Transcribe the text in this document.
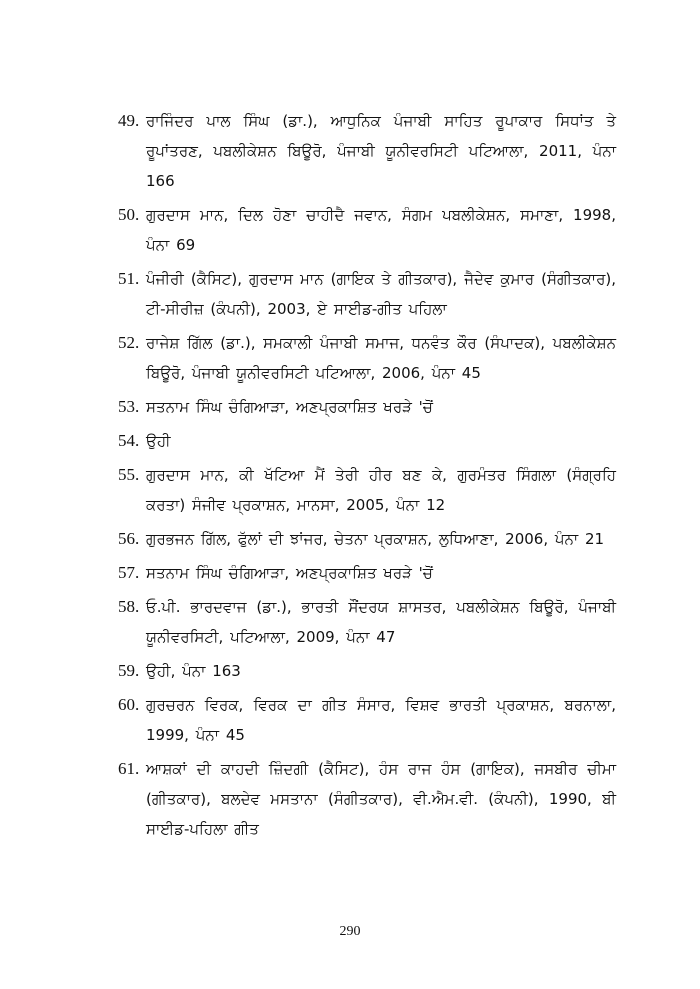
49. ਰਾਜਿੰਦਰ ਪਾਲ ਸਿੰਘ (ਡਾ.), ਆਧੁਨਿਕ ਪੰਜਾਬੀ ਸਾਹਿਤ ਰੂਪਾਕਾਰ ਸਿਧਾਂਤ ਤੇ ਰੂਪਾਂਤਰਣ, ਪਬਲੀਕੇਸ਼ਨ ਬਿਊਰੋ, ਪੰਜਾਬੀ ਯੂਨੀਵਰਸਿਟੀ ਪਟਿਆਲਾ, 2011, ਪੰਨਾ 166
50. ਗੁਰਦਾਸ ਮਾਨ, ਦਿਲ ਹੋਣਾ ਚਾਹੀਦੈ ਜਵਾਨ, ਸੰਗਮ ਪਬਲੀਕੇਸ਼ਨ, ਸਮਾਣਾ, 1998, ਪੰਨਾ 69
51. ਪੰਜੀਰੀ (ਕੈਸਿਟ), ਗੁਰਦਾਸ ਮਾਨ (ਗਾਇਕ ਤੇ ਗੀਤਕਾਰ), ਜੈਦੇਵ ਕੁਮਾਰ (ਸੰਗੀਤਕਾਰ), ਟੀ-ਸੀਰੀਜ਼ (ਕੰਪਨੀ), 2003, ਏ ਸਾਈਡ-ਗੀਤ ਪਹਿਲਾ
52. ਰਾਜੇਸ਼ ਗਿੱਲ (ਡਾ.), ਸਮਕਾਲੀ ਪੰਜਾਬੀ ਸਮਾਜ, ਧਨਵੰਤ ਕੌਰ (ਸੰਪਾਦਕ), ਪਬਲੀਕੇਸ਼ਨ ਬਿਊਰੋ, ਪੰਜਾਬੀ ਯੂਨੀਵਰਸਿਟੀ ਪਟਿਆਲਾ, 2006, ਪੰਨਾ 45
53. ਸਤਨਾਮ ਸਿੰਘ ਚੰਗਿਆੜਾ, ਅਣਪ੍ਰਕਾਸ਼ਿਤ ਖਰੜੇ 'ਚੋਂ
54. ਉਹੀ
55. ਗੁਰਦਾਸ ਮਾਨ, ਕੀ ਖੱਟਿਆ ਮੈਂ ਤੇਰੀ ਹੀਰ ਬਣ ਕੇ, ਗੁਰਮੰਤਰ ਸਿੰਗਲਾ (ਸੰਗ੍ਰਹਿ ਕਰਤਾ) ਸੰਜੀਵ ਪ੍ਰਕਾਸ਼ਨ, ਮਾਨਸਾ, 2005, ਪੰਨਾ 12
56. ਗੁਰਭਜਨ ਗਿੱਲ, ਫੁੱਲਾਂ ਦੀ ਝਾਂਜਰ, ਚੇਤਨਾ ਪ੍ਰਕਾਸ਼ਨ, ਲੁਧਿਆਣਾ, 2006, ਪੰਨਾ 21
57. ਸਤਨਾਮ ਸਿੰਘ ਚੰਗਿਆੜਾ, ਅਣਪ੍ਰਕਾਸ਼ਿਤ ਖਰੜੇ 'ਚੋਂ
58. ਓ.ਪੀ. ਭਾਰਦਵਾਜ (ਡਾ.), ਭਾਰਤੀ ਸੌਂਦਰਯ ਸ਼ਾਸਤਰ, ਪਬਲੀਕੇਸ਼ਨ ਬਿਊਰੋ, ਪੰਜਾਬੀ ਯੂਨੀਵਰਸਿਟੀ, ਪਟਿਆਲਾ, 2009, ਪੰਨਾ 47
59. ਉਹੀ, ਪੰਨਾ 163
60. ਗੁਰਚਰਨ ਵਿਰਕ, ਵਿਰਕ ਦਾ ਗੀਤ ਸੰਸਾਰ, ਵਿਸ਼ਵ ਭਾਰਤੀ ਪ੍ਰਕਾਸ਼ਨ, ਬਰਨਾਲਾ, 1999, ਪੰਨਾ 45
61. ਆਸ਼ਕਾਂ ਦੀ ਕਾਹਦੀ ਜ਼ਿੰਦਗੀ (ਕੈਸਿਟ), ਹੰਸ ਰਾਜ ਹੰਸ (ਗਾਇਕ), ਜਸਬੀਰ ਚੀਮਾ (ਗੀਤਕਾਰ), ਬਲਦੇਵ ਮਸਤਾਨਾ (ਸੰਗੀਤਕਾਰ), ਵੀ.ਐਮ.ਵੀ. (ਕੰਪਨੀ), 1990, ਬੀ ਸਾਈਡ-ਪਹਿਲਾ ਗੀਤ
290
